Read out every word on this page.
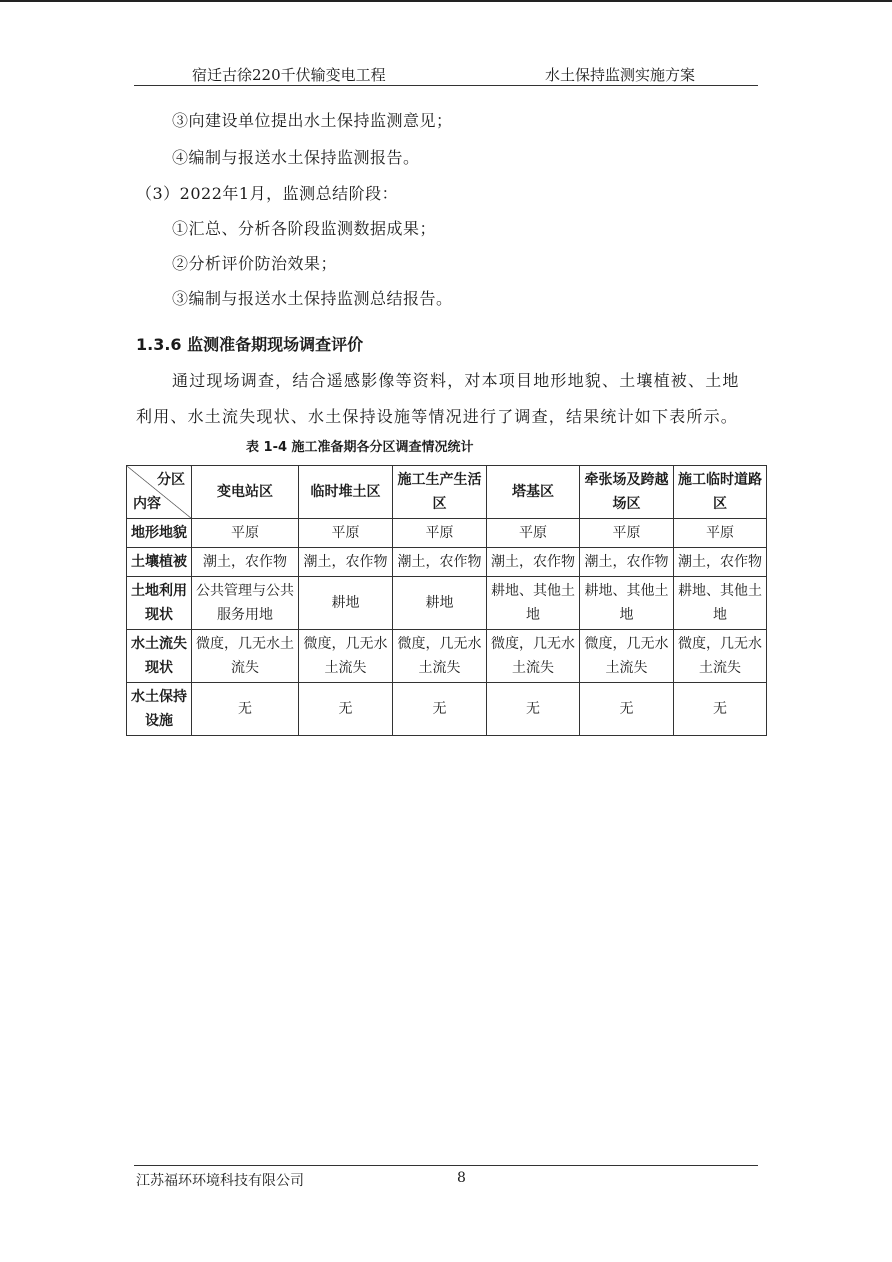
宿迁古徐220千伏输变电工程	水土保持监测实施方案
③向建设单位提出水土保持监测意见；
④编制与报送水土保持监测报告。
（3）2022年1月，监测总结阶段：
①汇总、分析各阶段监测数据成果；
②分析评价防治效果；
③编制与报送水土保持监测总结报告。
1.3.6 监测准备期现场调查评价
通过现场调查，结合遥感影像等资料，对本项目地形地貌、土壤植被、土地
利用、水土流失现状、水土保持设施等情况进行了调查，结果统计如下表所示。
表 1-4 施工准备期各分区调查情况统计
分区
内容	变电站区	临时堆土区	施工生产生活区	塔基区	牵张场及跨越场区	施工临时道路区
地形地貌	平原	平原	平原	平原	平原	平原
土壤植被	潮土，农作物	潮土，农作物	潮土，农作物	潮土，农作物	潮土，农作物	潮土，农作物
土地利用现状	公共管理与公共服务用地	耕地	耕地	耕地、其他土地	耕地、其他土地	耕地、其他土地
水土流失现状	微度，几无水土流失	微度，几无水土流失	微度，几无水土流失	微度，几无水土流失	微度，几无水土流失	微度，几无水土流失
水土保持设施	无	无	无	无	无	无
江苏福环环境科技有限公司	8
